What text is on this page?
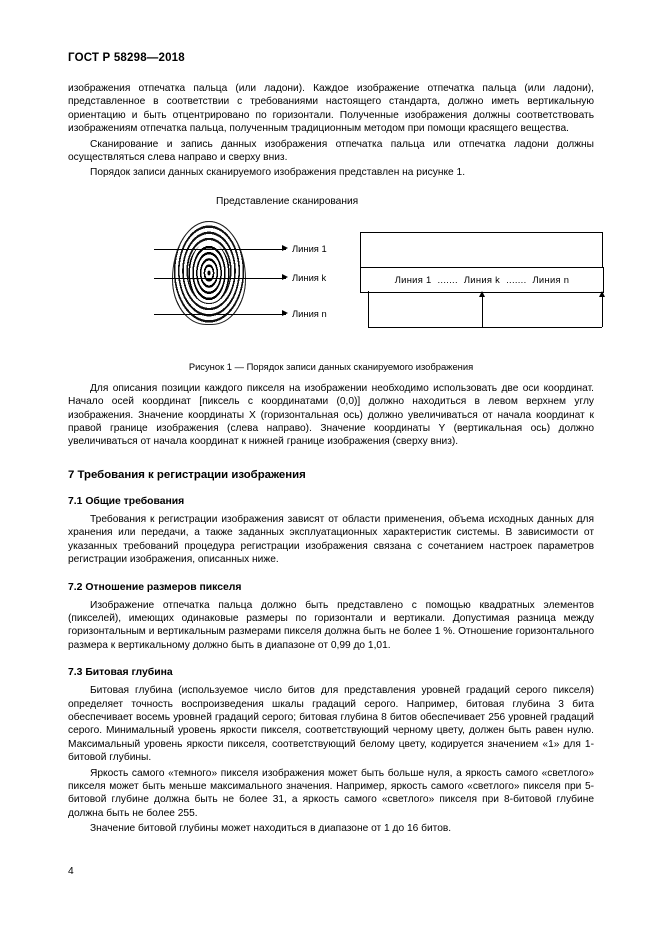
ГОСТ Р 58298—2018

изображения отпечатка пальца (или ладони). Каждое изображение отпечатка пальца (или ладони), представленное в соответствии с требованиями настоящего стандарта, должно иметь вертикальную ориентацию и быть отцентрировано по горизонтали. Полученные изображения должны соответствовать изображениям отпечатка пальца, полученным традиционным методом при помощи красящего вещества.

Сканирование и запись данных изображения отпечатка пальца или отпечатка ладони должны осуществляться слева направо и сверху вниз.

Порядок записи данных сканируемого изображения представлен на рисунке 1.

Представление сканирования
Линия 1
Линия k
Линия n
Линия 1 ....... Линия k ....... Линия n
Рисунок 1 — Порядок записи данных сканируемого изображения

Для описания позиции каждого пикселя на изображении необходимо использовать две оси координат. Начало осей координат [пиксель с координатами (0,0)] должно находиться в левом верхнем углу изображения. Значение координаты X (горизонтальная ось) должно увеличиваться от начала координат к правой границе изображения (слева направо). Значение координаты Y (вертикальная ось) должно увеличиваться от начала координат к нижней границе изображения (сверху вниз).

7 Требования к регистрации изображения
7.1 Общие требования

Требования к регистрации изображения зависят от области применения, объема исходных данных для хранения или передачи, а также заданных эксплуатационных характеристик системы. В зависимости от указанных требований процедура регистрации изображения связана с сочетанием настроек параметров регистрации изображения, описанных ниже.

7.2 Отношение размеров пикселя

Изображение отпечатка пальца должно быть представлено с помощью квадратных элементов (пикселей), имеющих одинаковые размеры по горизонтали и вертикали. Допустимая разница между горизонтальным и вертикальным размерами пикселя должна быть не более 1 %. Отношение горизонтального размера к вертикальному должно быть в диапазоне от 0,99 до 1,01.

7.3 Битовая глубина

Битовая глубина (используемое число битов для представления уровней градаций серого пикселя) определяет точность воспроизведения шкалы градаций серого. Например, битовая глубина 3 бита обеспечивает восемь уровней градаций серого; битовая глубина 8 битов обеспечивает 256 уровней градаций серого. Минимальный уровень яркости пикселя, соответствующий черному цвету, должен быть равен нулю. Максимальный уровень яркости пикселя, соответствующий белому цвету, кодируется значением «1» для 1-битовой глубины.

Яркость самого «темного» пикселя изображения может быть больше нуля, а яркость самого «светлого» пикселя может быть меньше максимального значения. Например, яркость самого «светлого» пикселя при 5-битовой глубине должна быть не более 31, а яркость самого «светлого» пикселя при 8-битовой глубине должна быть не более 255.

Значение битовой глубины может находиться в диапазоне от 1 до 16 битов.

4
